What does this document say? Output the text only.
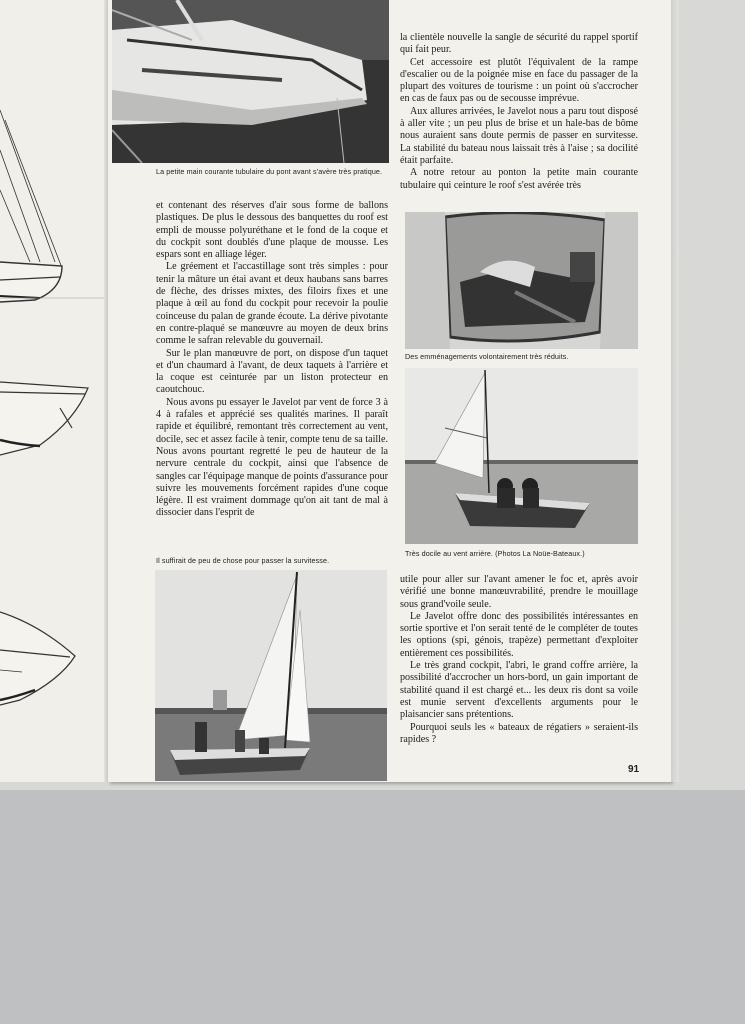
La petite main courante tubulaire du pont avant s'avère très pratique.

et contenant des réserves d'air sous forme de ballons plastiques. De plus le dessous des banquettes du roof est empli de mousse polyuréthane et le fond de la coque et du cockpit sont doublés d'une plaque de mousse. Les espars sont en alliage léger.

Le gréement et l'accastillage sont très simples : pour tenir la mâture un étai avant et deux haubans sans barres de flèche, des drisses mixtes, des filoirs fixes et une plaque à œil au fond du cockpit pour recevoir la poulie coinceuse du palan de grande écoute. La dérive pivotante en contre-plaqué se manœuvre au moyen de deux brins comme le safran relevable du gouvernail.

Sur le plan manœuvre de port, on dispose d'un taquet et d'un chaumard à l'avant, de deux taquets à l'arrière et la coque est ceinturée par un liston protecteur en caoutchouc.

Nous avons pu essayer le Javelot par vent de force 3 à 4 à rafales et apprécié ses qualités marines. Il paraît rapide et équilibré, remontant très correctement au vent, docile, sec et assez facile à tenir, compte tenu de sa taille. Nous avons pourtant regretté le peu de hauteur de la nervure centrale du cockpit, ainsi que l'absence de sangles car l'équipage manque de points d'assurance pour suivre les mouvements forcément rapides d'une coque légère. Il est vraiment dommage qu'on ait tant de mal à dissocier dans l'esprit de

Il suffirait de peu de chose pour passer la survitesse.

la clientèle nouvelle la sangle de sécurité du rappel sportif qui fait peur.

Cet accessoire est plutôt l'équivalent de la rampe d'escalier ou de la poignée mise en face du passager de la plupart des voitures de tourisme : un point où s'accrocher en cas de faux pas ou de secousse imprévue.

Aux allures arrivées, le Javelot nous a paru tout disposé à aller vite ; un peu plus de brise et un hale-bas de bôme nous auraient sans doute permis de passer en survitesse. La stabilité du bateau nous laissait très à l'aise ; sa docilité était parfaite.

A notre retour au ponton la petite main courante tubulaire qui ceinture le roof s'est avérée très

Des emménagements volontairement très réduits.
Très docile au vent arrière. (Photos La Noüe-Bateaux.)

utile pour aller sur l'avant amener le foc et, après avoir vérifié une bonne manœuvrabilité, prendre le mouillage sous grand'voile seule.

Le Javelot offre donc des possibilités intéressantes en sortie sportive et l'on serait tenté de le compléter de toutes les options (spi, génois, trapèze) permettant d'exploiter entièrement ces possibilités.

Le très grand cockpit, l'abri, le grand coffre arrière, la possibilité d'accrocher un hors-bord, un gain important de stabilité quand il est chargé et... les deux ris dont sa voile est munie servent d'excellents arguments pour le plaisancier sans prétentions.

Pourquoi seuls les « bateaux de régatiers » seraient-ils rapides ?

91
